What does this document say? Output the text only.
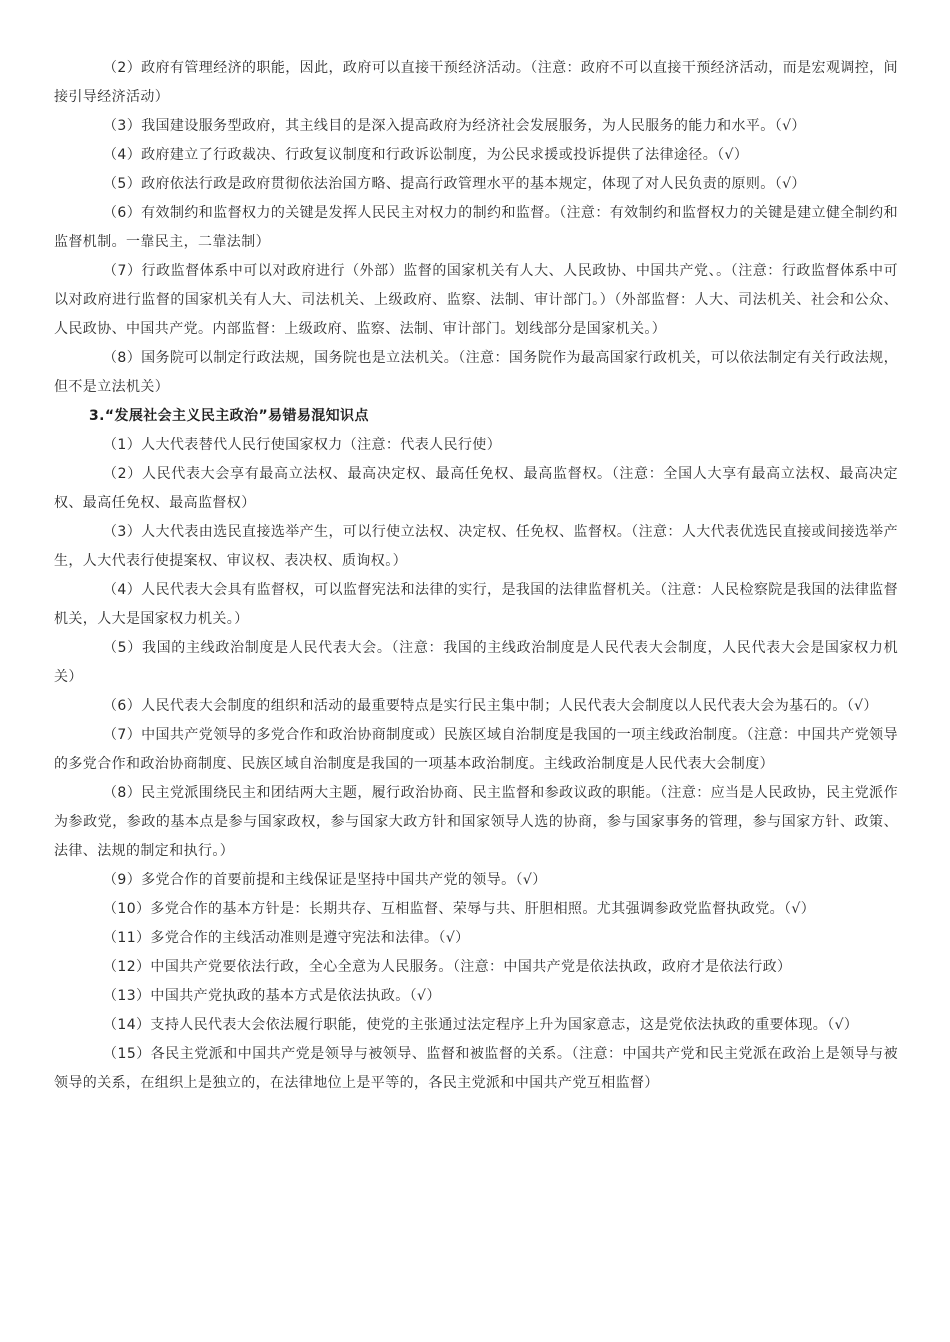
（2）政府有管理经济的职能，因此，政府可以直接干预经济活动。（注意：政府不可以直接干预经济活动，而是宏观调控，间接引导经济活动）

（3）我国建设服务型政府，其主线目的是深入提高政府为经济社会发展服务，为人民服务的能力和水平。（√）

（4）政府建立了行政裁决、行政复议制度和行政诉讼制度，为公民求援或投诉提供了法律途径。（√）

（5）政府依法行政是政府贯彻依法治国方略、提高行政管理水平的基本规定，体现了对人民负责的原则。（√）

（6）有效制约和监督权力的关键是发挥人民民主对权力的制约和监督。（注意：有效制约和监督权力的关键是建立健全制约和监督机制。一靠民主，二靠法制）

（7）行政监督体系中可以对政府进行（外部）监督的国家机关有人大、人民政协、中国共产党、。（注意：行政监督体系中可以对政府进行监督的国家机关有人大、司法机关、上级政府、监察、法制、审计部门。）（外部监督：人大、司法机关、社会和公众、人民政协、中国共产党。内部监督：上级政府、监察、法制、审计部门。划线部分是国家机关。）

（8）国务院可以制定行政法规，国务院也是立法机关。（注意：国务院作为最高国家行政机关，可以依法制定有关行政法规，但不是立法机关）

3.“发展社会主义民主政治”易错易混知识点

（1）人大代表替代人民行使国家权力（注意：代表人民行使）

（2）人民代表大会享有最高立法权、最高决定权、最高任免权、最高监督权。（注意：全国人大享有最高立法权、最高决定权、最高任免权、最高监督权）

（3）人大代表由选民直接选举产生，可以行使立法权、决定权、任免权、监督权。（注意：人大代表优选民直接或间接选举产生，人大代表行使提案权、审议权、表决权、质询权。）

（4）人民代表大会具有监督权，可以监督宪法和法律的实行，是我国的法律监督机关。（注意：人民检察院是我国的法律监督机关，人大是国家权力机关。）

（5）我国的主线政治制度是人民代表大会。（注意：我国的主线政治制度是人民代表大会制度，人民代表大会是国家权力机关）

（6）人民代表大会制度的组织和活动的最重要特点是实行民主集中制；人民代表大会制度以人民代表大会为基石的。（√）

（7）中国共产党领导的多党合作和政治协商制度或）民族区域自治制度是我国的一项主线政治制度。（注意：中国共产党领导的多党合作和政治协商制度、民族区域自治制度是我国的一项基本政治制度。主线政治制度是人民代表大会制度）

（8）民主党派围绕民主和团结两大主题，履行政治协商、民主监督和参政议政的职能。（注意：应当是人民政协，民主党派作为参政党，参政的基本点是参与国家政权，参与国家大政方针和国家领导人选的协商，参与国家事务的管理，参与国家方针、政策、法律、法规的制定和执行。）

（9）多党合作的首要前提和主线保证是坚持中国共产党的领导。（√）

（10）多党合作的基本方针是：长期共存、互相监督、荣辱与共、肝胆相照。尤其强调参政党监督执政党。（√）

（11）多党合作的主线活动准则是遵守宪法和法律。（√）

（12）中国共产党要依法行政，全心全意为人民服务。（注意：中国共产党是依法执政，政府才是依法行政）

（13）中国共产党执政的基本方式是依法执政。（√）

（14）支持人民代表大会依法履行职能，使党的主张通过法定程序上升为国家意志，这是党依法执政的重要体现。（√）

（15）各民主党派和中国共产党是领导与被领导、监督和被监督的关系。（注意：中国共产党和民主党派在政治上是领导与被领导的关系，在组织上是独立的，在法律地位上是平等的，各民主党派和中国共产党互相监督）
